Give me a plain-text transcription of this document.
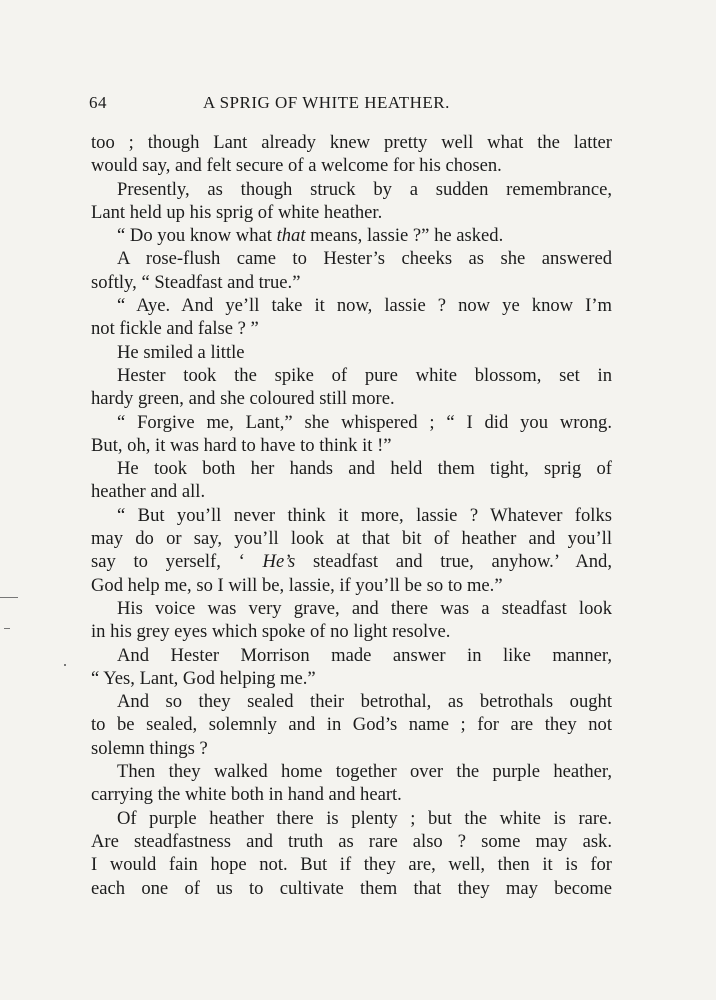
64	A SPRIG OF WHITE HEATHER.
too ; though Lant already knew pretty well what the latter
would say, and felt secure of a welcome for his chosen.
Presently, as though struck by a sudden remembrance,
Lant held up his sprig of white heather.
“ Do you know what that means, lassie ?” he asked.
A rose-flush came to Hester’s cheeks as she answered
softly, “ Steadfast and true.”
“ Aye. And ye’ll take it now, lassie ? now ye know I’m
not fickle and false ? ”
He smiled a little
Hester took the spike of pure white blossom, set in
hardy green, and she coloured still more.
“ Forgive me, Lant,” she whispered ; “ I did you wrong.
But, oh, it was hard to have to think it !”
He took both her hands and held them tight, sprig of
heather and all.
“ But you’ll never think it more, lassie ? Whatever folks
may do or say, you’ll look at that bit of heather and you’ll
say to yerself, ‘ He’s steadfast and true, anyhow.’ And,
God help me, so I will be, lassie, if you’ll be so to me.”
His voice was very grave, and there was a steadfast look
in his grey eyes which spoke of no light resolve.
And Hester Morrison made answer in like manner,
“ Yes, Lant, God helping me.”
And so they sealed their betrothal, as betrothals ought
to be sealed, solemnly and in God’s name ; for are they not
solemn things ?
Then they walked home together over the purple heather,
carrying the white both in hand and heart.
Of purple heather there is plenty ; but the white is rare.
Are steadfastness and truth as rare also ? some may ask.
I would fain hope not. But if they are, well, then it is for
each one of us to cultivate them that they may become
